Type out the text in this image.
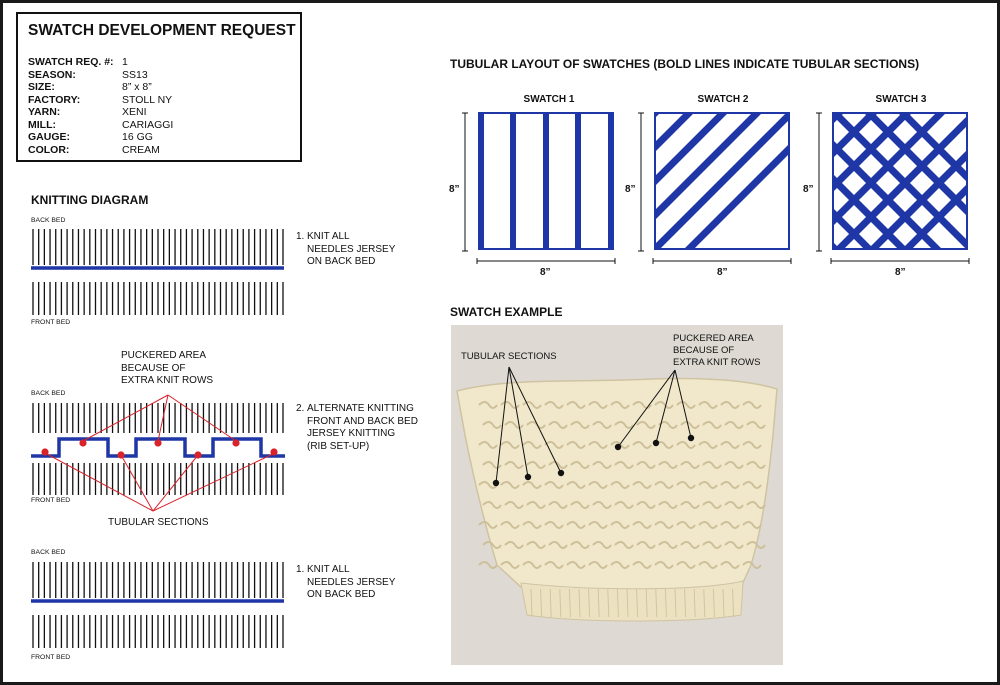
SWATCH DEVELOPMENT REQUEST
SWATCH REQ. #: 1
SEASON:	SS13
SIZE:	8” x 8”
FACTORY:	STOLL NY
YARN:	XENI
MILL:	CARIAGGI
GAUGE:	16 GG
COLOR:	CREAM
KNITTING DIAGRAM
BACK BED
FRONT BED
1. KNIT ALL
NEEDLES JERSEY
ON BACK BED
PUCKERED AREA
BECAUSE OF
EXTRA KNIT ROWS
BACK BED
FRONT BED
2. ALTERNATE KNITTING
FRONT AND BACK BED
JERSEY KNITTING
(RIB SET-UP)
TUBULAR SECTIONS
BACK BED
FRONT BED
1. KNIT ALL
NEEDLES JERSEY
ON BACK BED
TUBULAR LAYOUT OF SWATCHES (BOLD LINES INDICATE TUBULAR SECTIONS)
SWATCH 1	SWATCH 2	SWATCH 3
8”	8”	8”
8”	8”	8”
SWATCH EXAMPLE
TUBULAR SECTIONS
PUCKERED AREA
BECAUSE OF
EXTRA KNIT ROWS
